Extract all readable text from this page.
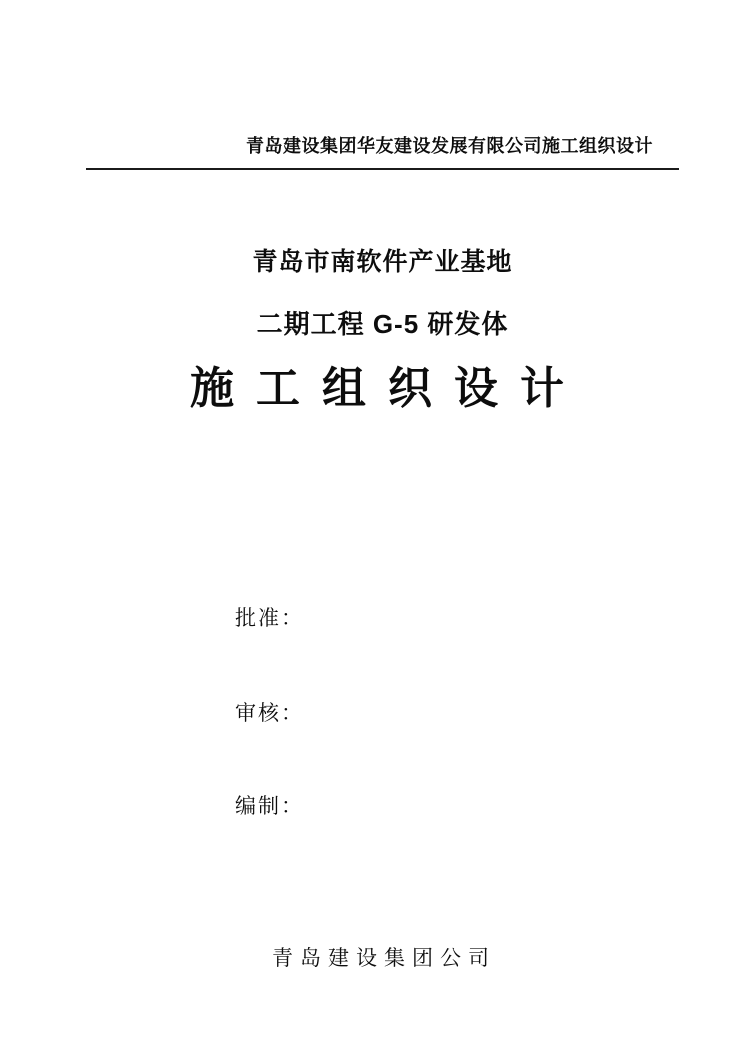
青岛建设集团华友建设发展有限公司施工组织设计
青岛市南软件产业基地
二期工程 G-5 研发体
施工组织设计
批准：
审核：
编制：
青岛建设集团公司
